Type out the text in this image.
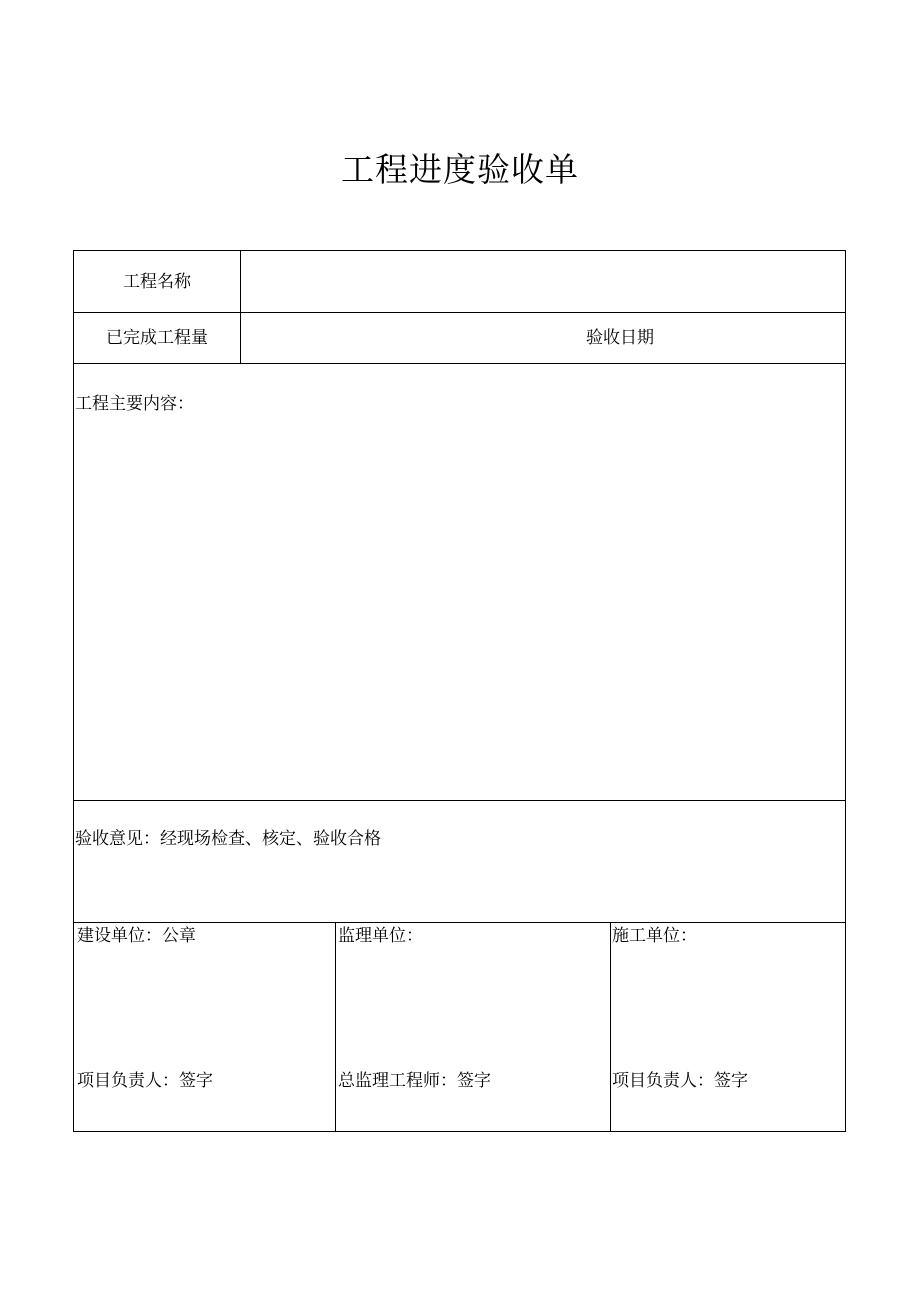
工程进度验收单
工程名称
已完成工程量	验收日期
工程主要内容：
验收意见：经现场检查、核定、验收合格
建设单位：公章
项目负责人：签字
监理单位：
总监理工程师：签字
施工单位：
项目负责人：签字
